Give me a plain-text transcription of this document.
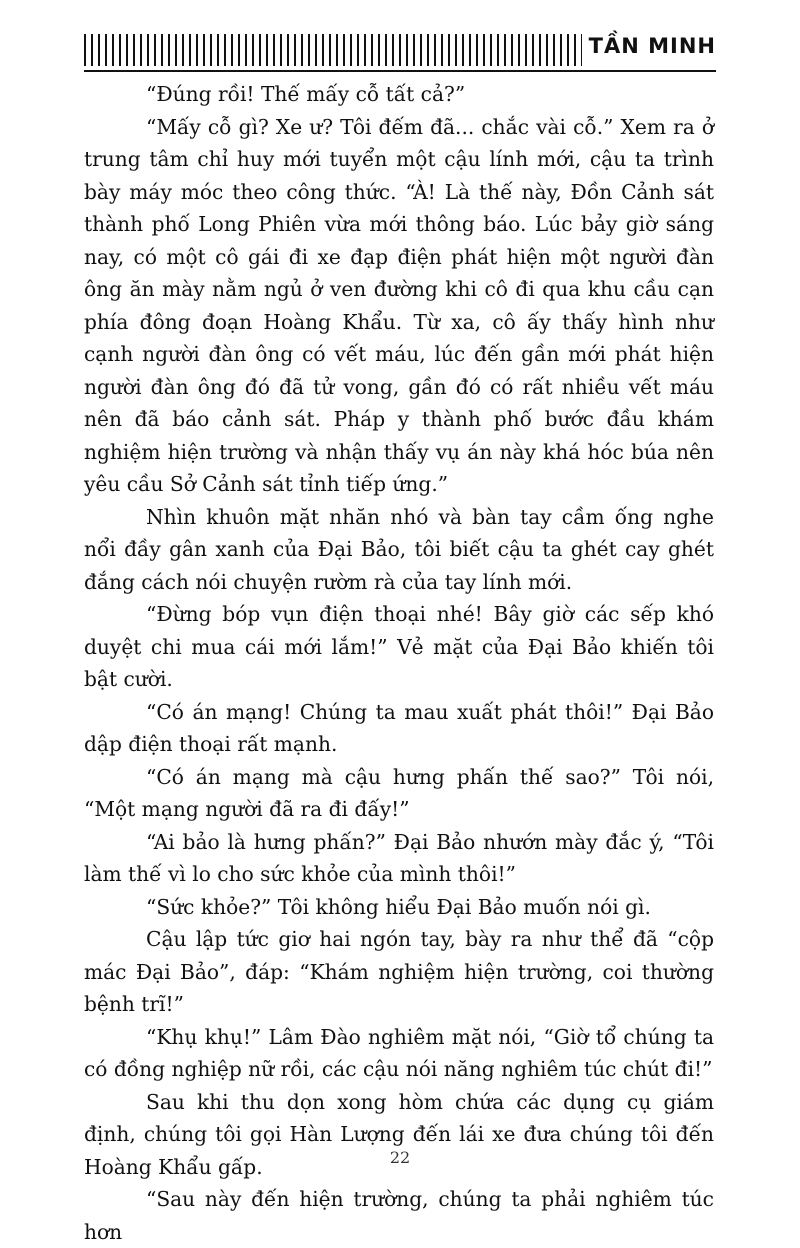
TẦN MINH

“Đúng rồi! Thế mấy cỗ tất cả?”

“Mấy cỗ gì? Xe ư? Tôi đếm đã... chắc vài cỗ.” Xem ra ở trung tâm chỉ huy mới tuyển một cậu lính mới, cậu ta trình bày máy móc theo công thức. “À! Là thế này, Đồn Cảnh sát thành phố Long Phiên vừa mới thông báo. Lúc bảy giờ sáng nay, có một cô gái đi xe đạp điện phát hiện một người đàn ông ăn mày nằm ngủ ở ven đường khi cô đi qua khu cầu cạn phía đông đoạn Hoàng Khẩu. Từ xa, cô ấy thấy hình như cạnh người đàn ông có vết máu, lúc đến gần mới phát hiện người đàn ông đó đã tử vong, gần đó có rất nhiều vết máu nên đã báo cảnh sát. Pháp y thành phố bước đầu khám nghiệm hiện trường và nhận thấy vụ án này khá hóc búa nên yêu cầu Sở Cảnh sát tỉnh tiếp ứng.”

Nhìn khuôn mặt nhăn nhó và bàn tay cầm ống nghe nổi đầy gân xanh của Đại Bảo, tôi biết cậu ta ghét cay ghét đắng cách nói chuyện rườm rà của tay lính mới.

“Đừng bóp vụn điện thoại nhé! Bây giờ các sếp khó duyệt chi mua cái mới lắm!” Vẻ mặt của Đại Bảo khiến tôi bật cười.

“Có án mạng! Chúng ta mau xuất phát thôi!” Đại Bảo dập điện thoại rất mạnh.

“Có án mạng mà cậu hưng phấn thế sao?” Tôi nói, “Một mạng người đã ra đi đấy!”

“Ai bảo là hưng phấn?” Đại Bảo nhướn mày đắc ý, “Tôi làm thế vì lo cho sức khỏe của mình thôi!”

“Sức khỏe?” Tôi không hiểu Đại Bảo muốn nói gì.

Cậu lập tức giơ hai ngón tay, bày ra như thể đã “cộp mác Đại Bảo”, đáp: “Khám nghiệm hiện trường, coi thường bệnh trĩ!”

“Khụ khụ!” Lâm Đào nghiêm mặt nói, “Giờ tổ chúng ta có đồng nghiệp nữ rồi, các cậu nói năng nghiêm túc chút đi!”

Sau khi thu dọn xong hòm chứa các dụng cụ giám định, chúng tôi gọi Hàn Lượng đến lái xe đưa chúng tôi đến Hoàng Khẩu gấp.

“Sau này đến hiện trường, chúng ta phải nghiêm túc hơn

22
